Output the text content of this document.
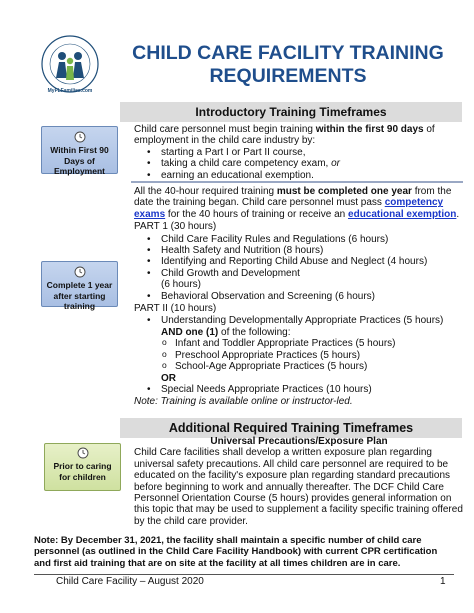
MyFLFamilies.com
CHILD CARE FACILITY TRAINING
REQUIREMENTS
Introductory Training Timeframes
Within First 90
Days of
Employment
Child care personnel must begin training within the first 90 days of employment in the child care industry by:
• starting a Part I or Part II course,
• taking a child care competency exam, or
• earning an educational exemption.
Complete 1 year
after starting
training
All the 40-hour required training must be completed one year from the date the training began. Child care personnel must pass competency exams for the 40 hours of training or receive an educational exemption.
PART 1 (30 hours)
• Child Care Facility Rules and Regulations (6 hours)
• Health Safety and Nutrition (8 hours)
• Identifying and Reporting Child Abuse and Neglect (4 hours)
• Child Growth and Development
(6 hours)
• Behavioral Observation and Screening (6 hours)
PART II (10 hours)
• Understanding Developmentally Appropriate Practices (5 hours)
AND one (1) of the following:
o Infant and Toddler Appropriate Practices (5 hours)
o Preschool Appropriate Practices (5 hours)
o School-Age Appropriate Practices (5 hours)
OR
• Special Needs Appropriate Practices (10 hours)
Note: Training is available online or instructor-led.
Additional Required Training Timeframes
Prior to caring
for children
Universal Precautions/Exposure Plan
Child Care facilities shall develop a written exposure plan regarding universal safety precautions. All child care personnel are required to be educated on the facility's exposure plan regarding standard precautions before beginning to work and annually thereafter. The DCF Child Care Personnel Orientation Course (5 hours) provides general information on this topic that may be used to supplement a facility specific training offered by the child care provider.
Note: By December 31, 2021, the facility shall maintain a specific number of child care personnel (as outlined in the Child Care Facility Handbook) with current CPR certification and first aid training that are on site at the facility at all times children are in care.
Child Care Facility – August 2020	1
